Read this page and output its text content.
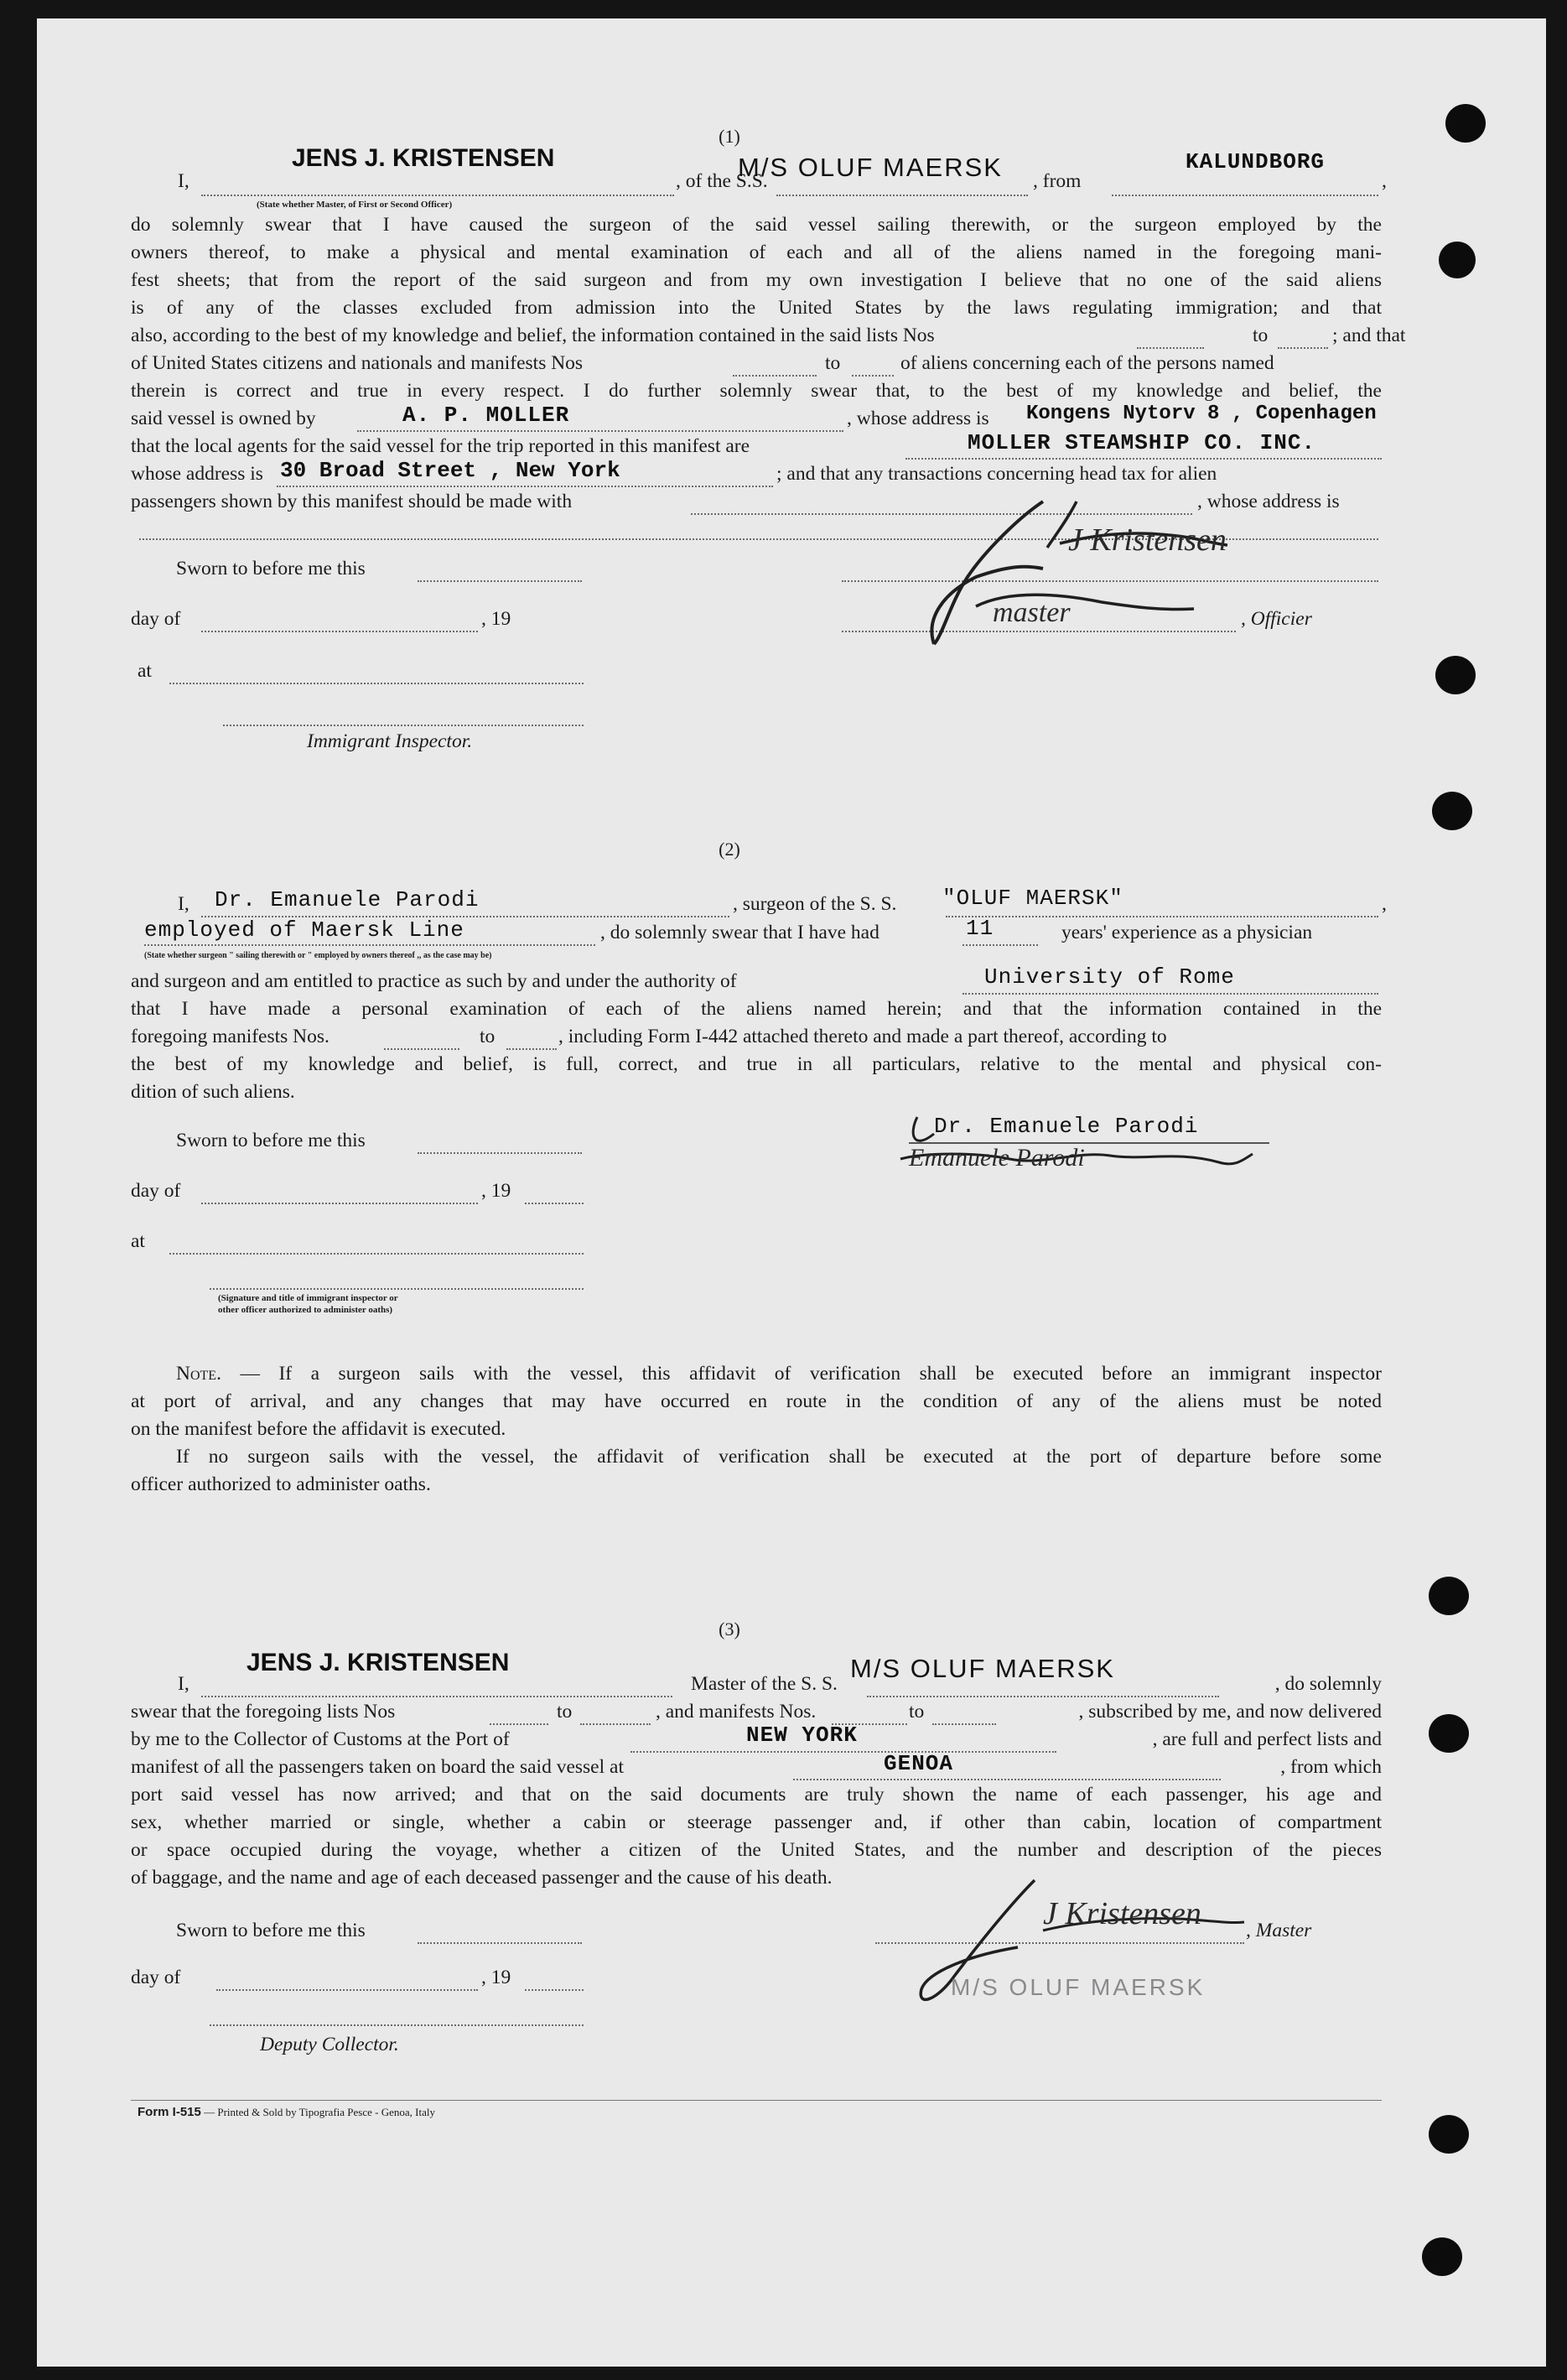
(1)
I,
JENS J. KRISTENSEN
, of the S.S.
M/S OLUF MAERSK , from
KALUNDBORG
,
(State whether Master, of First or Second Officer)
do solemnly swear that I have caused the surgeon of the said vessel sailing therewith, or the surgeon employed by the
owners thereof, to make a physical and mental examination of each and all of the aliens named in the foregoing mani-
fest sheets; that from the report of the said surgeon and from my own investigation I believe that no one of the said aliens
is of any of the classes excluded from admission into the United States by the laws regulating immigration; and that
also, according to the best of my knowledge and belief, the information contained in the said lists Nos	to	; and that
of United States citizens and nationals and manifests Nos	to	of aliens concerning each of the persons named
therein is correct and true in every respect. I do further solemnly swear that, to the best of my knowledge and belief, the
said vessel is owned by	A. P. MOLLER	, whose address is Kongens Nytorv 8 , Copenhagen
that the local agents for the said vessel for the trip reported in this manifest are	MOLLER STEAMSHIP CO. INC.
whose address is 30 Broad Street , New York	; and that any transactions concerning head tax for alien
passengers shown by this manifest should be made with	, whose address is
Sworn to before me this
day of	, 19	, Officier
at
Immigrant Inspector.
J Kristensen
master
(2)
I, Dr. Emanuele Parodi	, surgeon of the S. S. "OLUF MAERSK"	,
employed of Maersk Line	, do solemnly swear that I have had	11	years' experience as a physician
(State whether surgeon " sailing therewith or " employed by owners thereof ,, as the case may be)
and surgeon and am entitled to practice as such by and under the authority of	University of Rome
that I have made a personal examination of each of the aliens named herein; and that the information contained in the
foregoing manifests Nos.	to	, including Form I-442 attached thereto and made a part thereof, according to
the best of my knowledge and belief, is full, correct, and true in all particulars, relative to the mental and physical con-
dition of such aliens.
Sworn to before me this
day of	, 19
at
(Signature and title of immigrant inspector or
other officer authorized to administer oaths)
Dr. Emanuele Parodi
Emanuele Parodi
Note. — If a surgeon sails with the vessel, this affidavit of verification shall be executed before an immigrant inspector
at port of arrival, and any changes that may have occurred en route in the condition of any of the aliens must be noted
on the manifest before the affidavit is executed.
If no surgeon sails with the vessel, the affidavit of verification shall be executed at the port of departure before some
officer authorized to administer oaths.
(3)
I,
JENS J. KRISTENSEN
Master of the S. S.
M/S OLUF MAERSK
, do solemnly
swear that the foregoing lists Nos	to	, and manifests Nos.	to	, subscribed by me, and now delivered
by me to the Collector of Customs at the Port of	NEW YORK	, are full and perfect lists and
manifest of all the passengers taken on board the said vessel at	GENOA	, from which
port said vessel has now arrived; and that on the said documents are truly shown the name of each passenger, his age and
sex, whether married or single, whether a cabin or steerage passenger and, if other than cabin, location of compartment
or space occupied during the voyage, whether a citizen of the United States, and the number and description of the pieces
of baggage, and the name and age of each deceased passenger and the cause of his death.
Sworn to before me this	, Master
day of	, 19
Deputy Collector.
J Kristensen
M/S OLUF MAERSK
Form I-515 — Printed & Sold by Tipografia Pesce - Genoa, Italy
